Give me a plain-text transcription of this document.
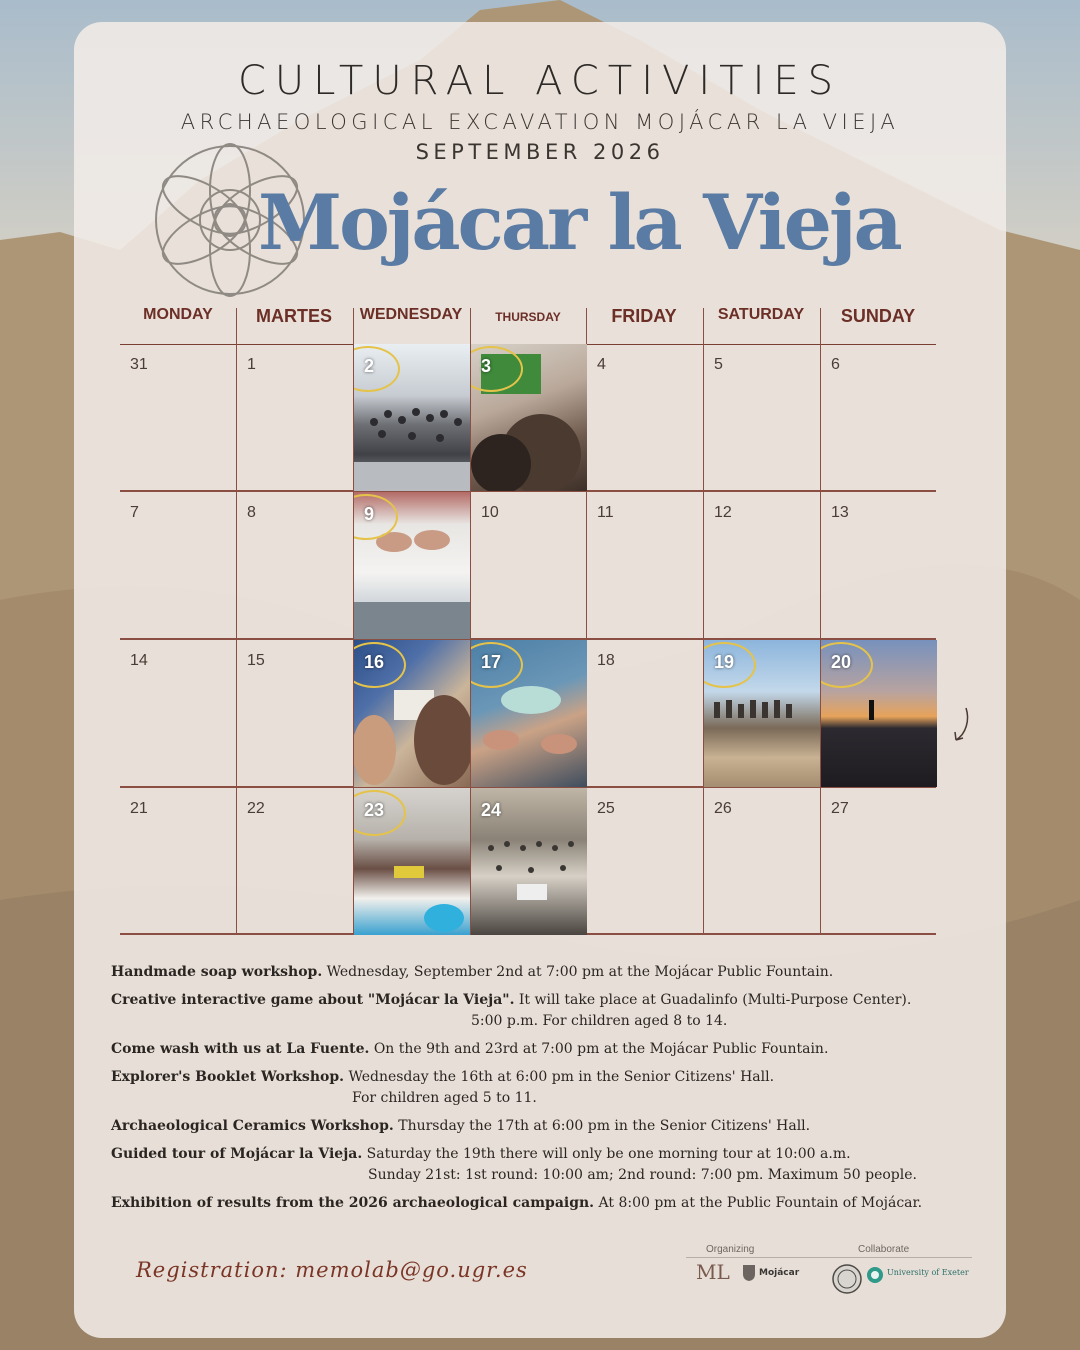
CULTURAL ACTIVITIES
ARCHAEOLOGICAL EXCAVATION MOJÁCAR LA VIEJA
SEPTEMBER 2026
Mojácar la Vieja
MONDAY	MARTES	WEDNESDAY	THURSDAY	FRIDAY	SATURDAY	SUNDAY
31	1	2	3	4	5	6
7	8	9	10	11	12	13
14	15	16	17	18	19	20
21	22	23	24	25	26	27

Handmade soap workshop. Wednesday, September 2nd at 7:00 pm at the Mojácar Public Fountain.

Creative interactive game about "Mojácar la Vieja". It will take place at Guadalinfo (Multi-Purpose Center).
5:00 p.m. For children aged 8 to 14.

Come wash with us at La Fuente. On the 9th and 23rd at 7:00 pm at the Mojácar Public Fountain.

Explorer's Booklet Workshop. Wednesday the 16th at 6:00 pm in the Senior Citizens' Hall.
For children aged 5 to 11.

Archaeological Ceramics Workshop. Thursday the 17th at 6:00 pm in the Senior Citizens' Hall.

Guided tour of Mojácar la Vieja. Saturday the 19th there will only be one morning tour at 10:00 a.m.
Sunday 21st: 1st round: 10:00 am; 2nd round: 7:00 pm. Maximum 50 people.

Exhibition of results from the 2026 archaeological campaign. At 8:00 pm at the Public Fountain of Mojácar.

Registration: memolab@go.ugr.es
Organizing	Collaborate
ML	Mojácar	University of Exeter
